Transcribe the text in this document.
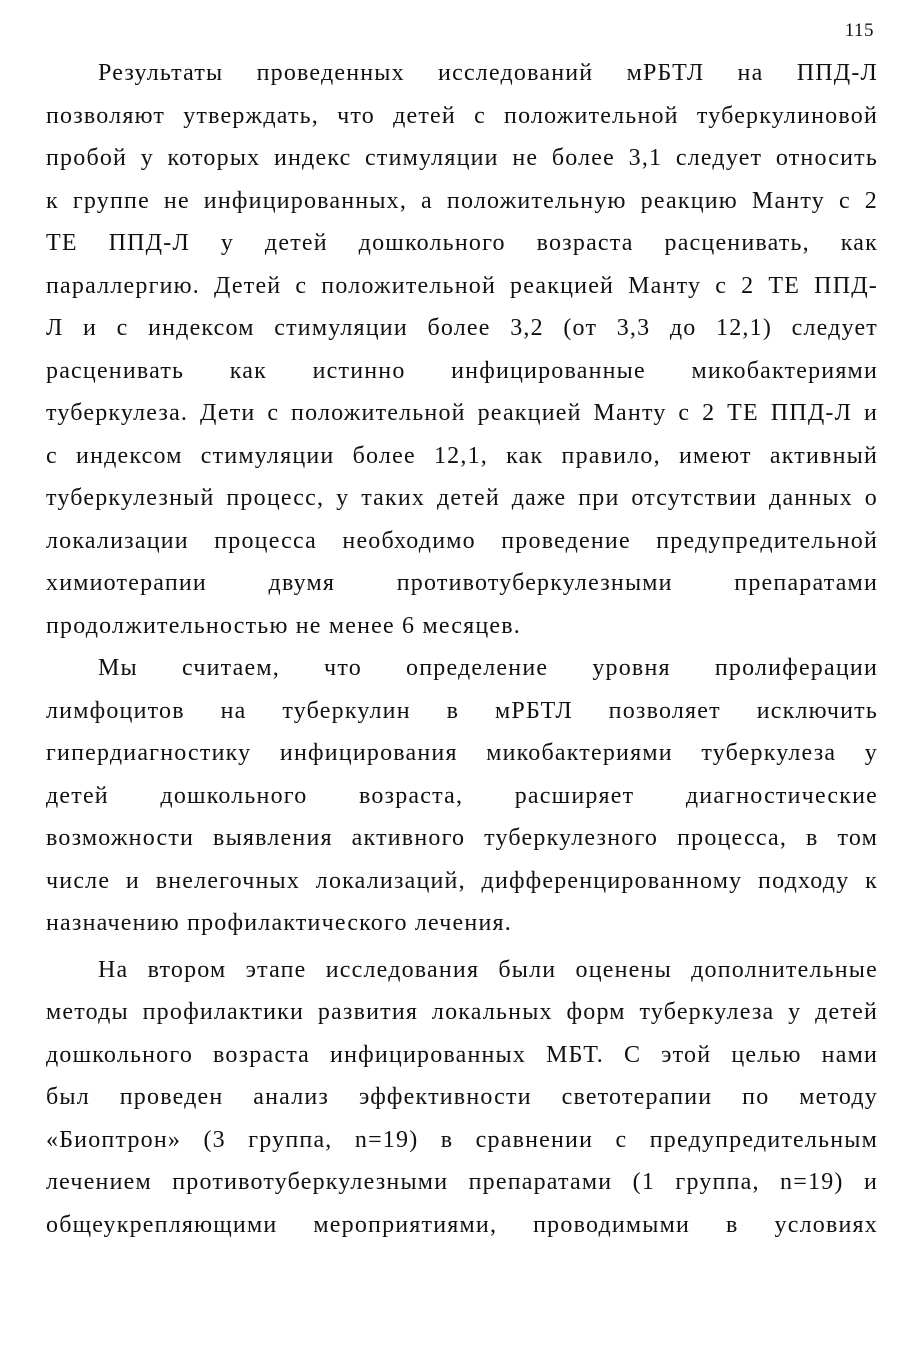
115
Результаты проведенных исследований мРБТЛ на ППД-Л
позволяют утверждать, что детей с положительной туберкулиновой
пробой у которых индекс стимуляции не более 3,1 следует относить
к группе не инфицированных, а положительную реакцию Манту с 2
ТЕ ППД-Л у детей дошкольного возраста расценивать, как
параллергию. Детей с положительной реакцией Манту с 2 ТЕ ППД-
Л и с индексом стимуляции более 3,2 (от 3,3 до 12,1) следует
расценивать как истинно инфицированные микобактериями
туберкулеза. Дети с положительной реакцией Манту с 2 ТЕ ППД-Л и
с индексом стимуляции более 12,1, как правило, имеют активный
туберкулезный процесс, у таких детей даже при отсутствии данных о
локализации процесса необходимо проведение предупредительной
химиотерапии двумя противотуберкулезными препаратами
продолжительностью не менее 6 месяцев.
Мы считаем, что определение уровня пролиферации
лимфоцитов на туберкулин в мРБТЛ позволяет исключить
гипердиагностику инфицирования микобактериями туберкулеза у
детей дошкольного возраста, расширяет диагностические
возможности выявления активного туберкулезного процесса, в том
числе и внелегочных локализаций, дифференцированному подходу к
назначению профилактического лечения.
На втором этапе исследования были оценены дополнительные
методы профилактики развития локальных форм туберкулеза у детей
дошкольного возраста инфицированных МБТ. С этой целью нами
был проведен анализ эффективности светотерапии по методу
«Биоптрон» (3 группа, n=19) в сравнении с предупредительным
лечением противотуберкулезными препаратами (1 группа, n=19) и
общеукрепляющими мероприятиями, проводимыми в условиях
